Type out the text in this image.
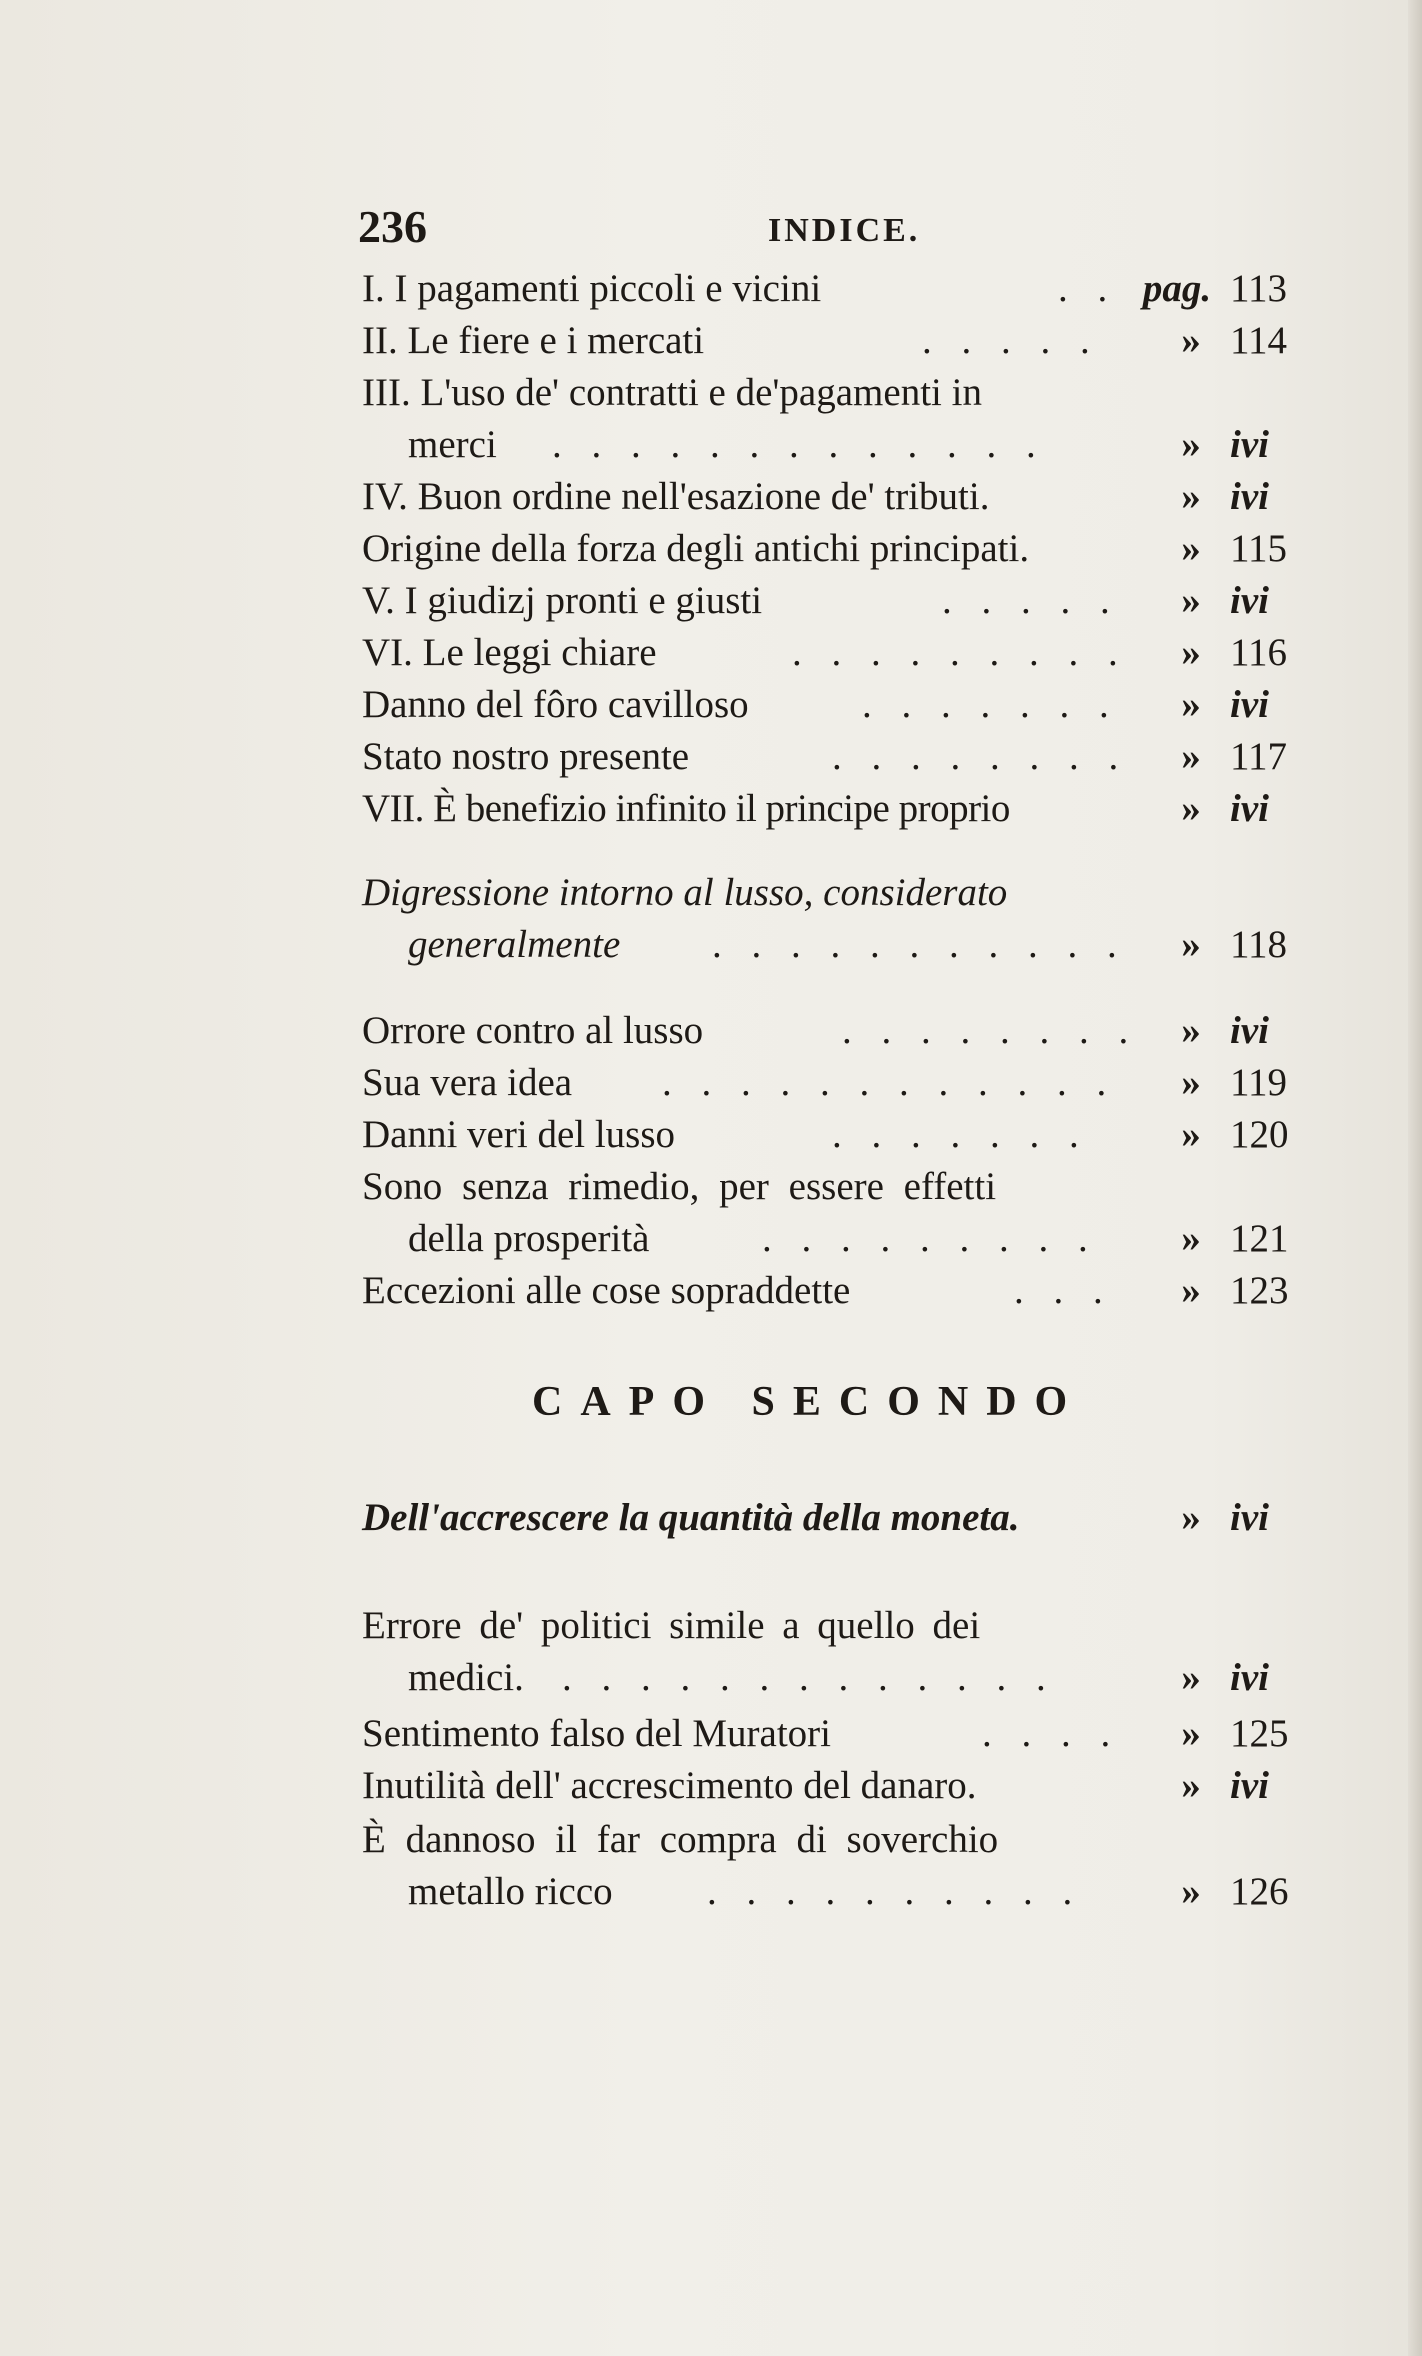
236	INDICE.
I. I pagamenti piccoli e vicini	. . pag. 113
II. Le fiere e i mercati	. . . . . » 114
III. L'uso de' contratti e de'pagamenti in
merci . . . . . . . . . . . . .	» ivi
IV. Buon ordine nell'esazione de' tributi.	» ivi
Origine della forza degli antichi principati.	» 115
V. I giudizj pronti e giusti	. . . . . » ivi
VI. Le leggi chiare	. . . . . . . . . » 116
Danno del fôro cavilloso	. . . . . . . » ivi
Stato nostro presente	. . . . . . . . » 117
VII. È benefizio infinito il principe proprio	» ivi
Digressione intorno al lusso, considerato
generalmente . . . . . . . . . . . » 118
Orrore contro al lusso	. . . . . . . . » ivi
Sua vera idea . . . . . . . . . . . . » 119
Danni veri del lusso	. . . . . . . » 120
Sono senza rimedio, per essere effetti
della prosperità	. . . . . . . . . » 121
Eccezioni alle cose sopraddette	. . . » 123
CAPO SECONDO
Dell'accrescere la quantità della moneta.	» ivi
Errore de' politici simile a quello dei
medici. . . . . . . . . . . . . .	» ivi
Sentimento falso del Muratori	. . . . » 125
Inutilità dell' accrescimento del danaro.	» ivi
È dannoso il far compra di soverchio
metallo ricco . . . . . . . . . .	» 126
